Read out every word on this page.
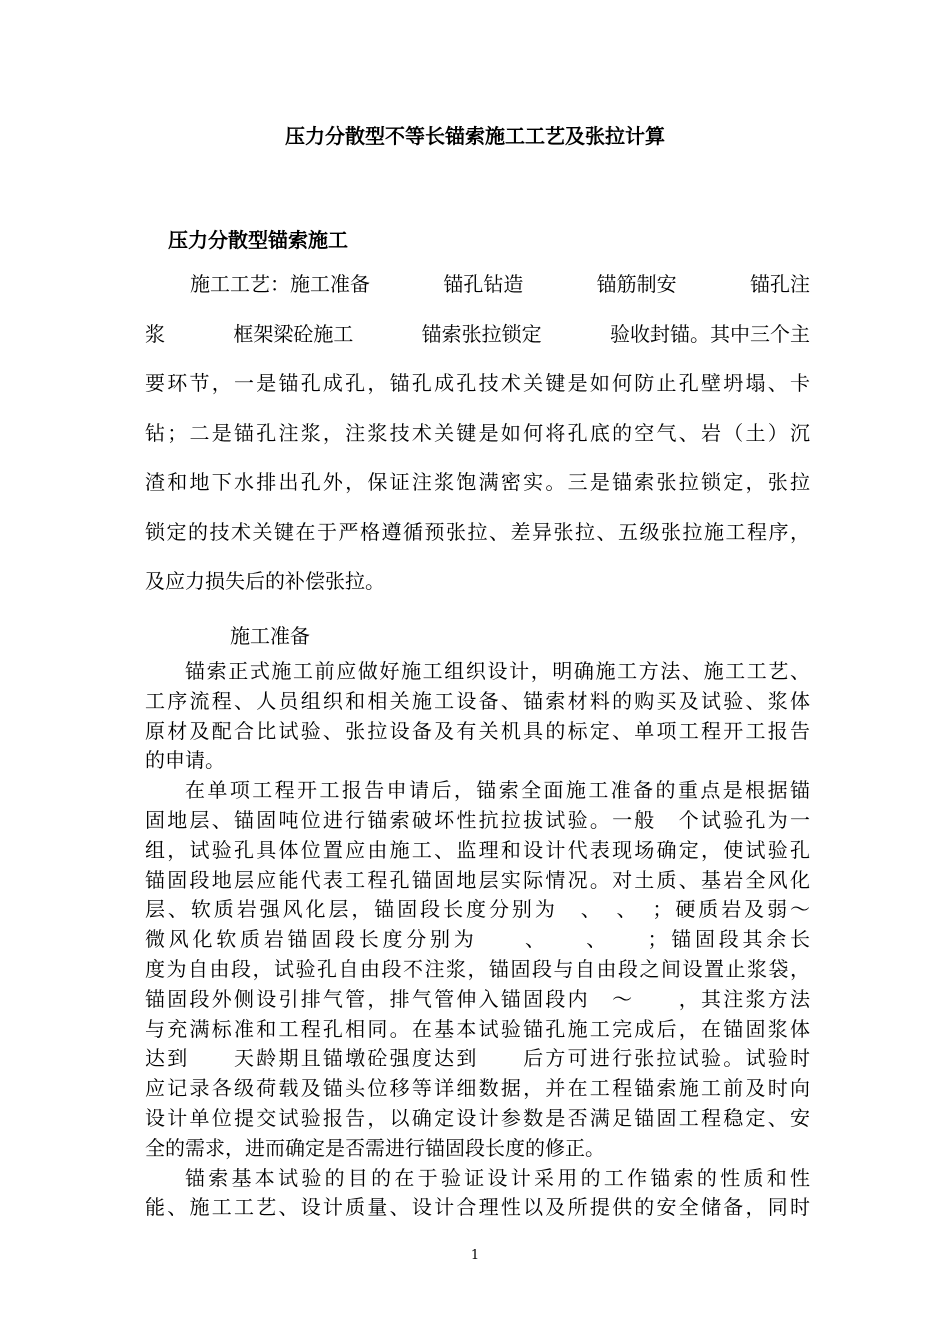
压力分散型不等长锚索施工工艺及张拉计算
压力分散型锚索施工
施工工艺：施工准备	锚孔钻造	锚筋制安	锚孔注
浆	框架梁砼施工	锚索张拉锁定	验收封锚。其中三个主
要环节，一是锚孔成孔，锚孔成孔技术关键是如何防止孔壁坍塌、卡
钻；二是锚孔注浆，注浆技术关键是如何将孔底的空气、岩（土）沉
渣和地下水排出孔外，保证注浆饱满密实。三是锚索张拉锁定，张拉
锁定的技术关键在于严格遵循预张拉、差异张拉、五级张拉施工程序，
及应力损失后的补偿张拉。
施工准备

锚索正式施工前应做好施工组织设计，明确施工方法、施工工艺、
工序流程、人员组织和相关施工设备、锚索材料的购买及试验、浆体
原材及配合比试验、张拉设备及有关机具的标定、单项工程开工报告
的申请。

在单项工程开工报告申请后，锚索全面施工准备的重点是根据锚
固地层、锚固吨位进行锚索破坏性抗拉拔试验。一般　个试验孔为一
组，试验孔具体位置应由施工、监理和设计代表现场确定，使试验孔
锚固段地层应能代表工程孔锚固地层实际情况。对土质、基岩全风化
层、软质岩强风化层，锚固段长度分别为　、　、　；硬质岩及弱～
微风化软质岩锚固段长度分别为　　、　　、　　；锚固段其余长
度为自由段，试验孔自由段不注浆，锚固段与自由段之间设置止浆袋，
锚固段外侧设引排气管，排气管伸入锚固段内　～　　，其注浆方法
与充满标准和工程孔相同。在基本试验锚孔施工完成后，在锚固浆体
达到　　天龄期且锚墩砼强度达到　　后方可进行张拉试验。试验时
应记录各级荷载及锚头位移等详细数据，并在工程锚索施工前及时向
设计单位提交试验报告，以确定设计参数是否满足锚固工程稳定、安
全的需求，进而确定是否需进行锚固段长度的修正。

锚索基本试验的目的在于验证设计采用的工作锚索的性质和性
能、施工工艺、设计质量、设计合理性以及所提供的安全储备，同时

1
